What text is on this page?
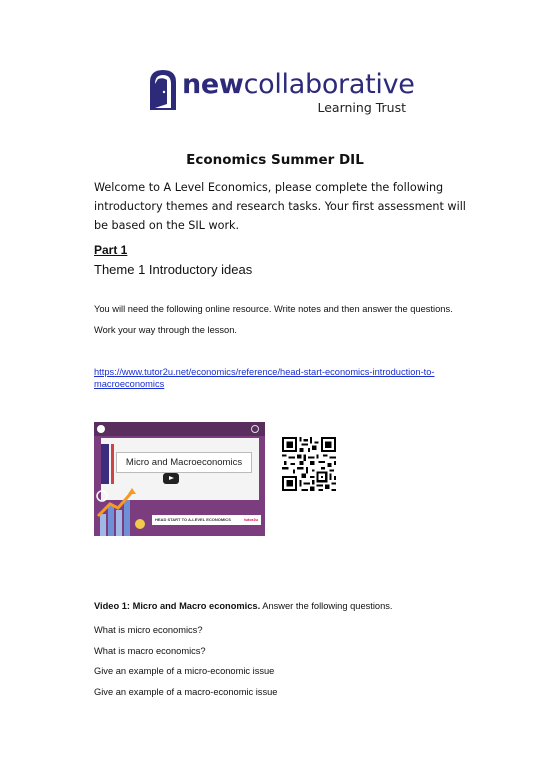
newcollaborative
Learning Trust
Economics Summer DIL
Welcome to A Level Economics, please complete the following introductory themes and research tasks. Your first assessment will be based on the SIL work.
Part 1
Theme 1 Introductory ideas
You will need the following online resource. Write notes and then answer the questions.
Work your way through the lesson.
https://www.tutor2u.net/economics/reference/head-start-economics-introduction-to-macroeconomics
Micro and Macroeconomics
HEAD START TO A-LEVEL ECONOMICS	tutor2u
Video 1: Micro and Macro economics. Answer the following questions.
What is micro economics?
What is macro economics?
Give an example of a micro-economic issue
Give an example of a macro-economic issue
